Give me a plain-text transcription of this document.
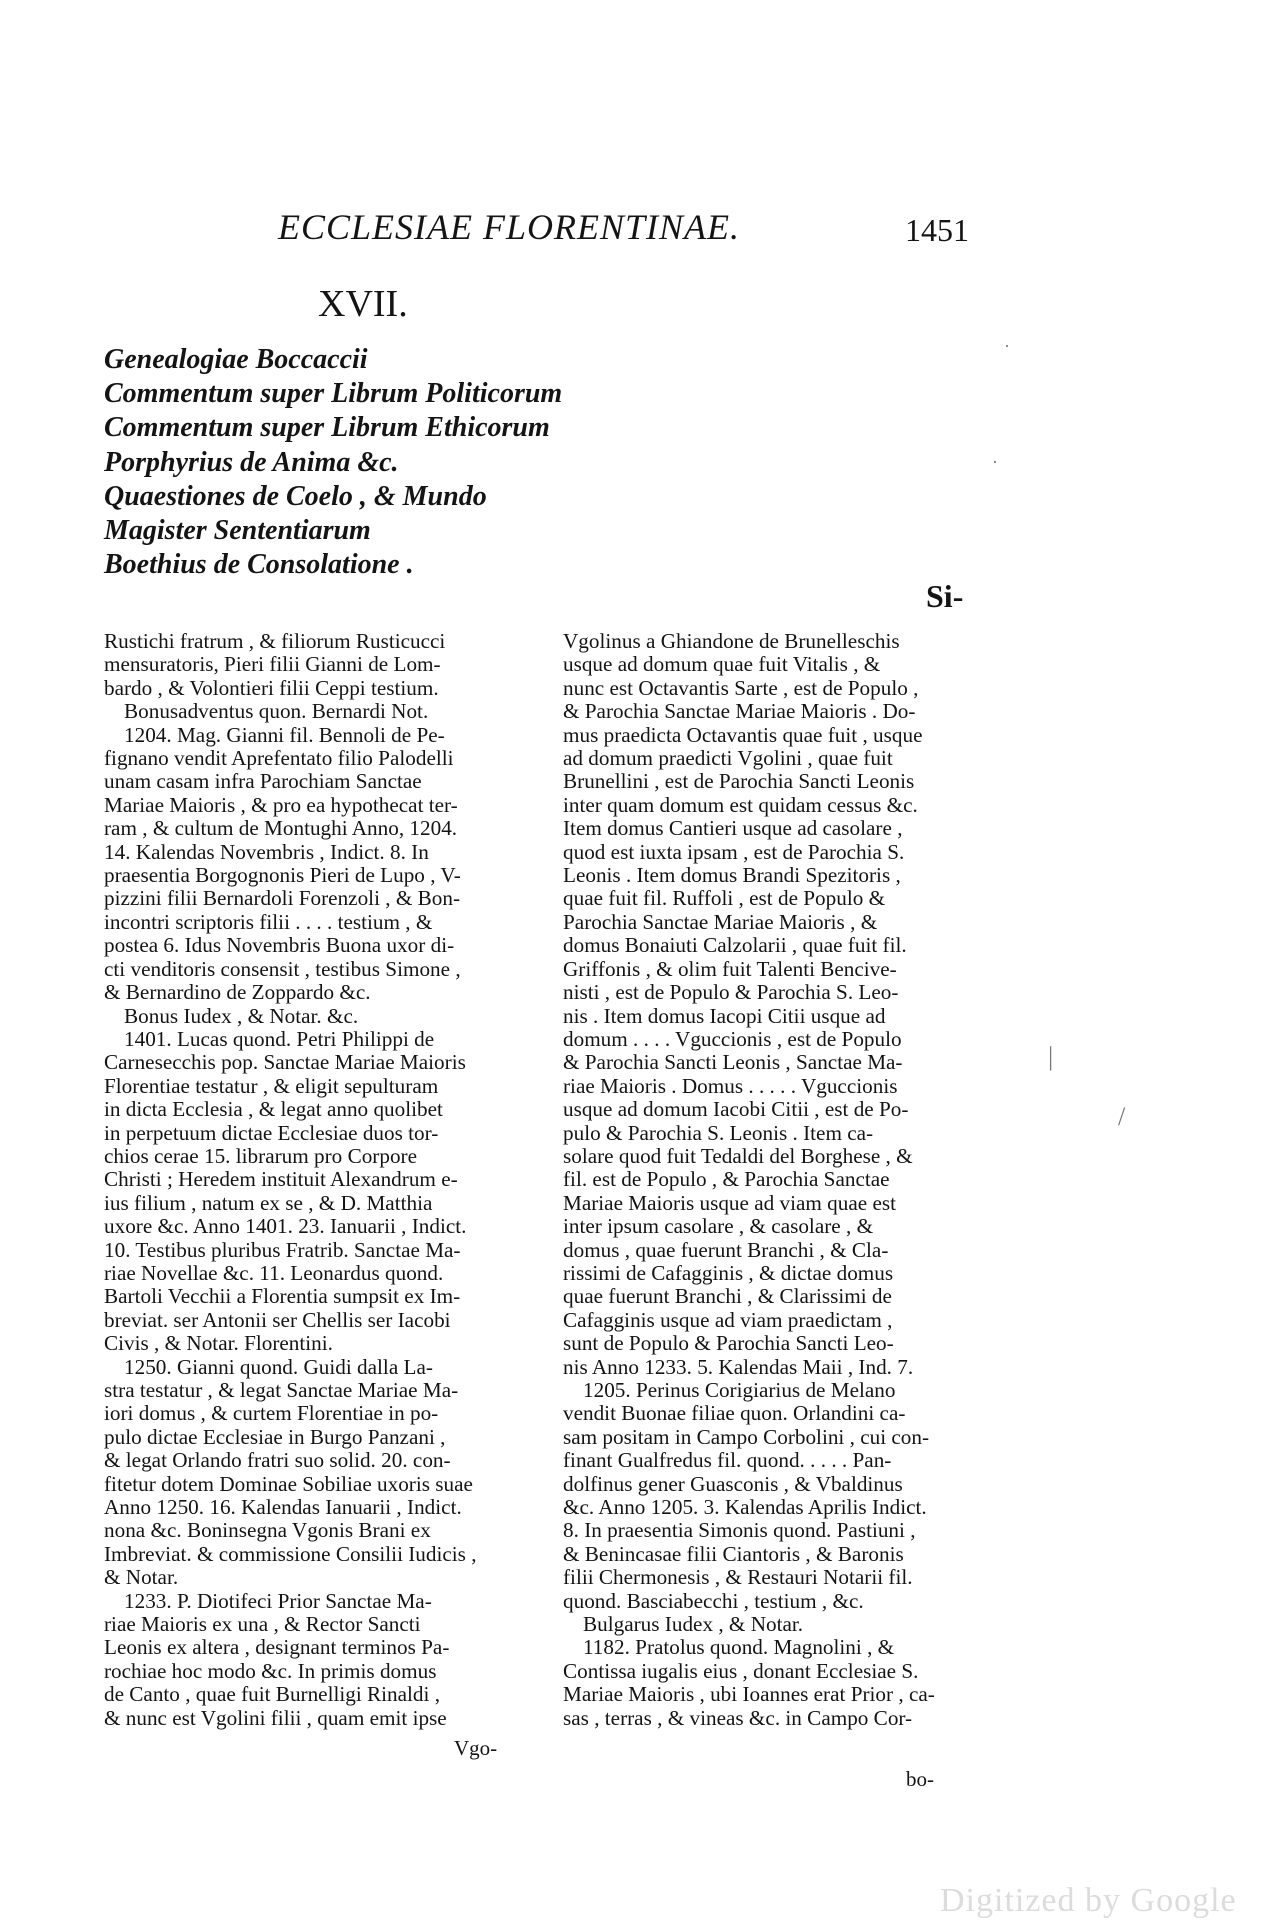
ECCLESIAE FLORENTINAE.	1451
XVII.
Genealogiae Boccaccii
Commentum super Librum Politicorum
Commentum super Librum Ethicorum
Porphyrius de Anima &c.
Quaestiones de Coelo , & Mundo
Magister Sententiarum
Boethius de Consolatione .
Si-
Rustichi fratrum , & filiorum Rusticucci
mensuratoris, Pieri filii Gianni de Lom-
bardo , & Volontieri filii Ceppi testium.
Bonusadventus quon. Bernardi Not.
1204. Mag. Gianni fil. Bennoli de Pe-
fignano vendit Aprefentato filio Palodelli
unam casam infra Parochiam Sanctae
Mariae Maioris , & pro ea hypothecat ter-
ram , & cultum de Montughi Anno, 1204.
14. Kalendas Novembris , Indict. 8. In
praesentia Borgognonis Pieri de Lupo , V-
pizzini filii Bernardoli Forenzoli , & Bon-
incontri scriptoris filii . . . . testium , &
postea 6. Idus Novembris Buona uxor di-
cti venditoris consensit , testibus Simone ,
& Bernardino de Zoppardo &c.
Bonus Iudex , & Notar. &c.
1401. Lucas quond. Petri Philippi de
Carnesecchis pop. Sanctae Mariae Maioris
Florentiae testatur , & eligit sepulturam
in dicta Ecclesia , & legat anno quolibet
in perpetuum dictae Ecclesiae duos tor-
chios cerae 15. librarum pro Corpore
Christi ; Heredem instituit Alexandrum e-
ius filium , natum ex se , & D. Matthia
uxore &c. Anno 1401. 23. Ianuarii , Indict.
10. Testibus pluribus Fratrib. Sanctae Ma-
riae Novellae &c. 11. Leonardus quond.
Bartoli Vecchii a Florentia sumpsit ex Im-
breviat. ser Antonii ser Chellis ser Iacobi
Civis , & Notar. Florentini.
1250. Gianni quond. Guidi dalla La-
stra testatur , & legat Sanctae Mariae Ma-
iori domus , & curtem Florentiae in po-
pulo dictae Ecclesiae in Burgo Panzani ,
& legat Orlando fratri suo solid. 20. con-
fitetur dotem Dominae Sobiliae uxoris suae
Anno 1250. 16. Kalendas Ianuarii , Indict.
nona &c. Boninsegna Vgonis Brani ex
Imbreviat. & commissione Consilii Iudicis ,
& Notar.
1233. P. Diotifeci Prior Sanctae Ma-
riae Maioris ex una , & Rector Sancti
Leonis ex altera , designant terminos Pa-
rochiae hoc modo &c. In primis domus
de Canto , quae fuit Burnelligi Rinaldi ,
& nunc est Vgolini filii , quam emit ipse
Vgolinus a Ghiandone de Brunelleschis
usque ad domum quae fuit Vitalis , &
nunc est Octavantis Sarte , est de Populo ,
& Parochia Sanctae Mariae Maioris . Do-
mus praedicta Octavantis quae fuit , usque
ad domum praedicti Vgolini , quae fuit
Brunellini , est de Parochia Sancti Leonis
inter quam domum est quidam cessus &c.
Item domus Cantieri usque ad casolare ,
quod est iuxta ipsam , est de Parochia S.
Leonis . Item domus Brandi Spezitoris ,
quae fuit fil. Ruffoli , est de Populo &
Parochia Sanctae Mariae Maioris , &
domus Bonaiuti Calzolarii , quae fuit fil.
Griffonis , & olim fuit Talenti Bencive-
nisti , est de Populo & Parochia S. Leo-
nis . Item domus Iacopi Citii usque ad
domum . . . . Vguccionis , est de Populo
& Parochia Sancti Leonis , Sanctae Ma-
riae Maioris . Domus . . . . . Vguccionis
usque ad domum Iacobi Citii , est de Po-
pulo & Parochia S. Leonis . Item ca-
solare quod fuit Tedaldi del Borghese , &
fil. est de Populo , & Parochia Sanctae
Mariae Maioris usque ad viam quae est
inter ipsum casolare , & casolare , &
domus , quae fuerunt Branchi , & Cla-
rissimi de Cafagginis , & dictae domus
quae fuerunt Branchi , & Clarissimi de
Cafagginis usque ad viam praedictam ,
sunt de Populo & Parochia Sancti Leo-
nis Anno 1233. 5. Kalendas Maii , Ind. 7.
1205. Perinus Corigiarius de Melano
vendit Buonae filiae quon. Orlandini ca-
sam positam in Campo Corbolini , cui con-
finant Gualfredus fil. quond. . . . . Pan-
dolfinus gener Guasconis , & Vbaldinus
&c. Anno 1205. 3. Kalendas Aprilis Indict.
8. In praesentia Simonis quond. Pastiuni ,
& Benincasae filii Ciantoris , & Baronis
filii Chermonesis , & Restauri Notarii fil.
quond. Basciabecchi , testium , &c.
Bulgarus Iudex , & Notar.
1182. Pratolus quond. Magnolini , &
Contissa iugalis eius , donant Ecclesiae S.
Mariae Maioris , ubi Ioannes erat Prior , ca-
sas , terras , & vineas &c. in Campo Cor-
Vgo-
bo-
·
·
|
/
Digitized by Google
